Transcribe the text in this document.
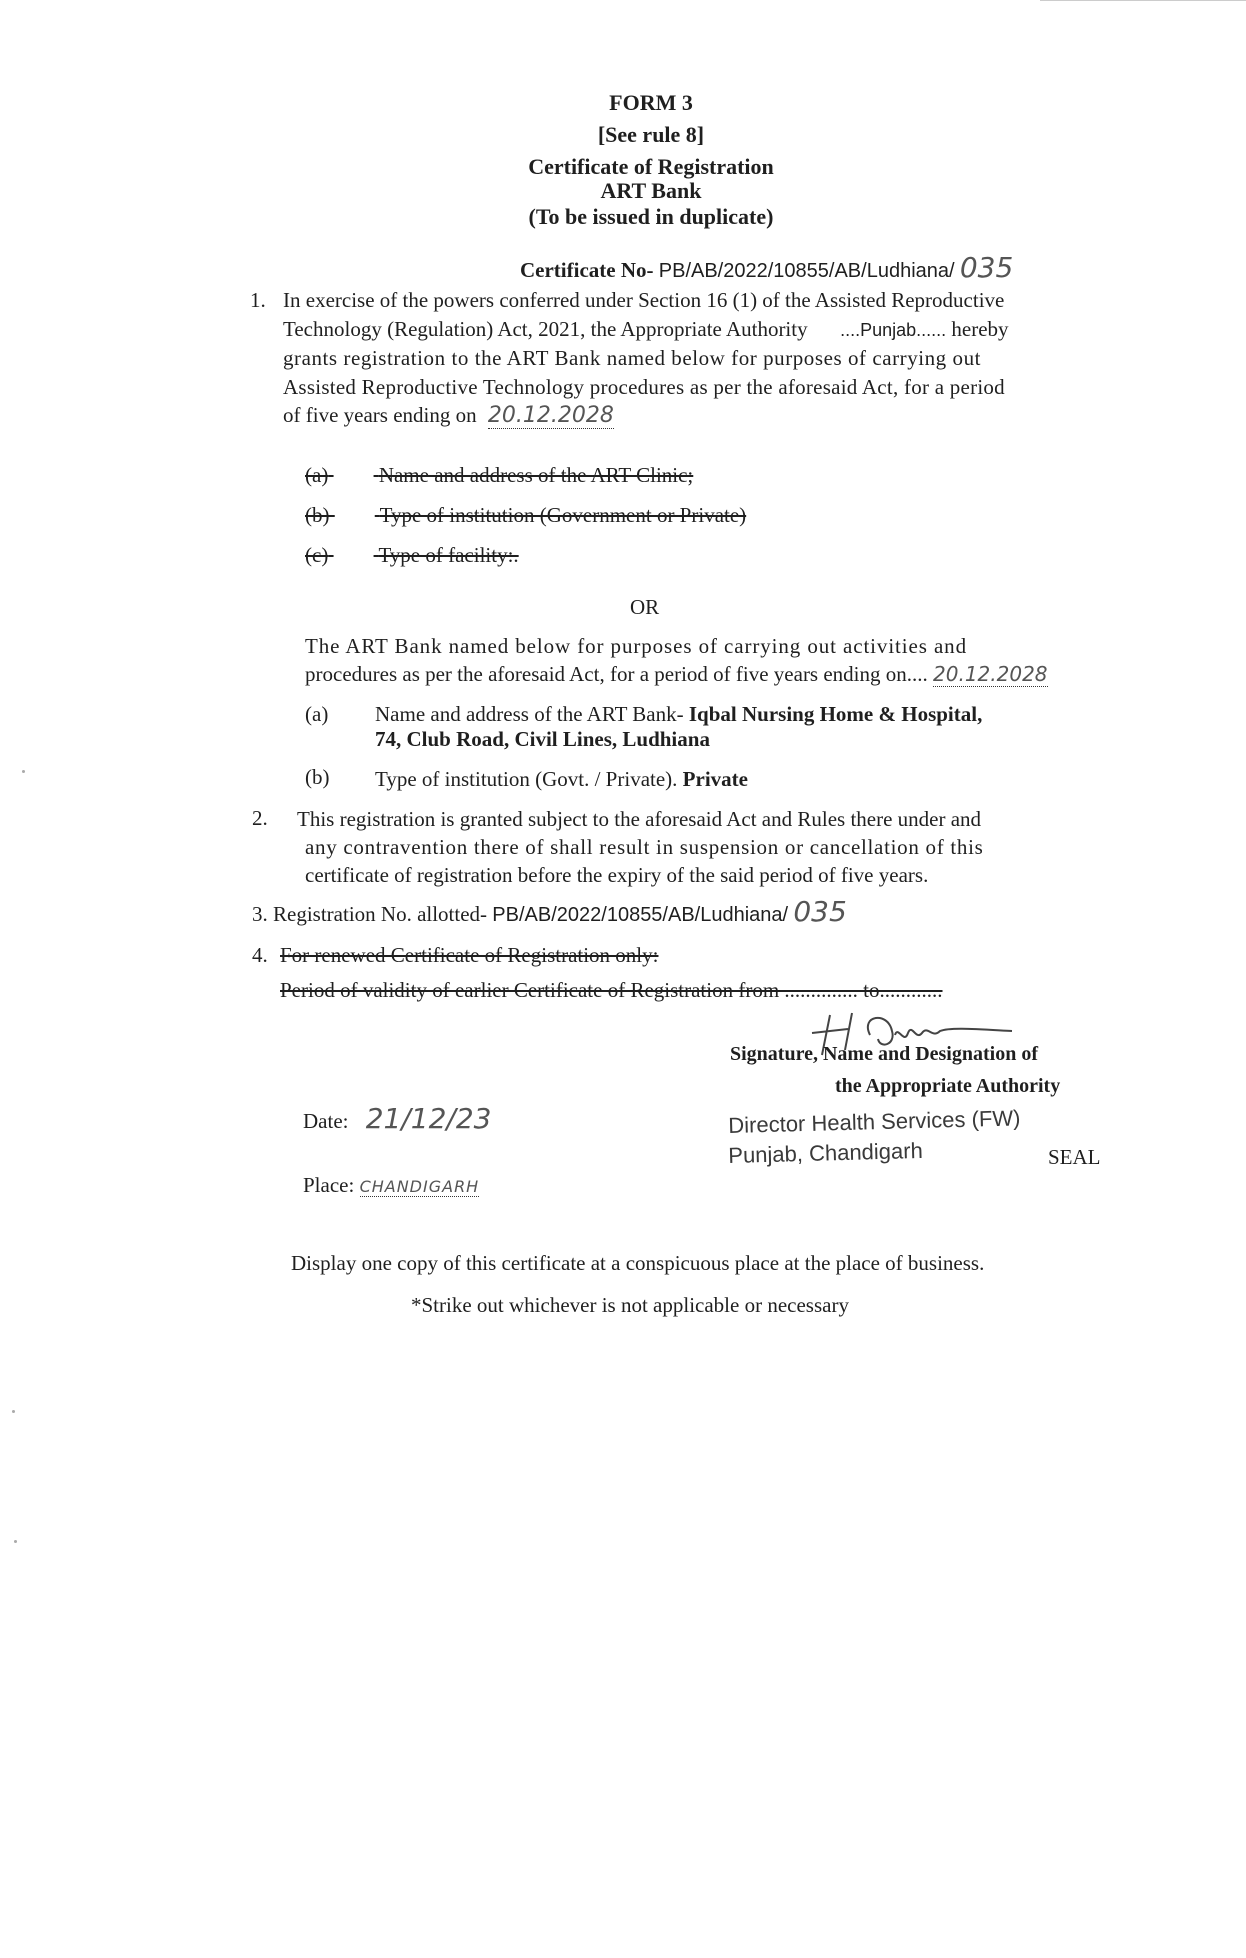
FORM 3
[See rule 8]
Certificate of Registration
ART Bank
(To be issued in duplicate)
Certificate No- PB/AB/2022/10855/AB/Ludhiana/ 035
1. In exercise of the powers conferred under Section 16 (1) of the Assisted Reproductive
Technology (Regulation) Act, 2021, the Appropriate Authority ....Punjab...... hereby
grants registration to the ART Bank named below for purposes of carrying out
Assisted Reproductive Technology procedures as per the aforesaid Act, for a period
of five years ending on 20.12.2028
(a) Name and address of the ART Clinic;
(b) Type of institution (Government or Private)
(c) Type of facility:.
OR
The ART Bank named below for purposes of carrying out activities and
procedures as per the aforesaid Act, for a period of five years ending on.... 20.12.2028
(a) Name and address of the ART Bank- Iqbal Nursing Home & Hospital,
74, Club Road, Civil Lines, Ludhiana
(b) Type of institution (Govt. / Private). Private
2. This registration is granted subject to the aforesaid Act and Rules there under and
any contravention there of shall result in suspension or cancellation of this
certificate of registration before the expiry of the said period of five years.
3. Registration No. allotted- PB/AB/2022/10855/AB/Ludhiana/ 035
4. For renewed Certificate of Registration only:
Period of validity of earlier Certificate of Registration from .............. to............
Signature, Name and Designation of
the Appropriate Authority
Director Health Services (FW)
Punjab, Chandigarh	SEAL
Date: 21/12/23
Place: CHANDIGARH
Display one copy of this certificate at a conspicuous place at the place of business.
*Strike out whichever is not applicable or necessary
